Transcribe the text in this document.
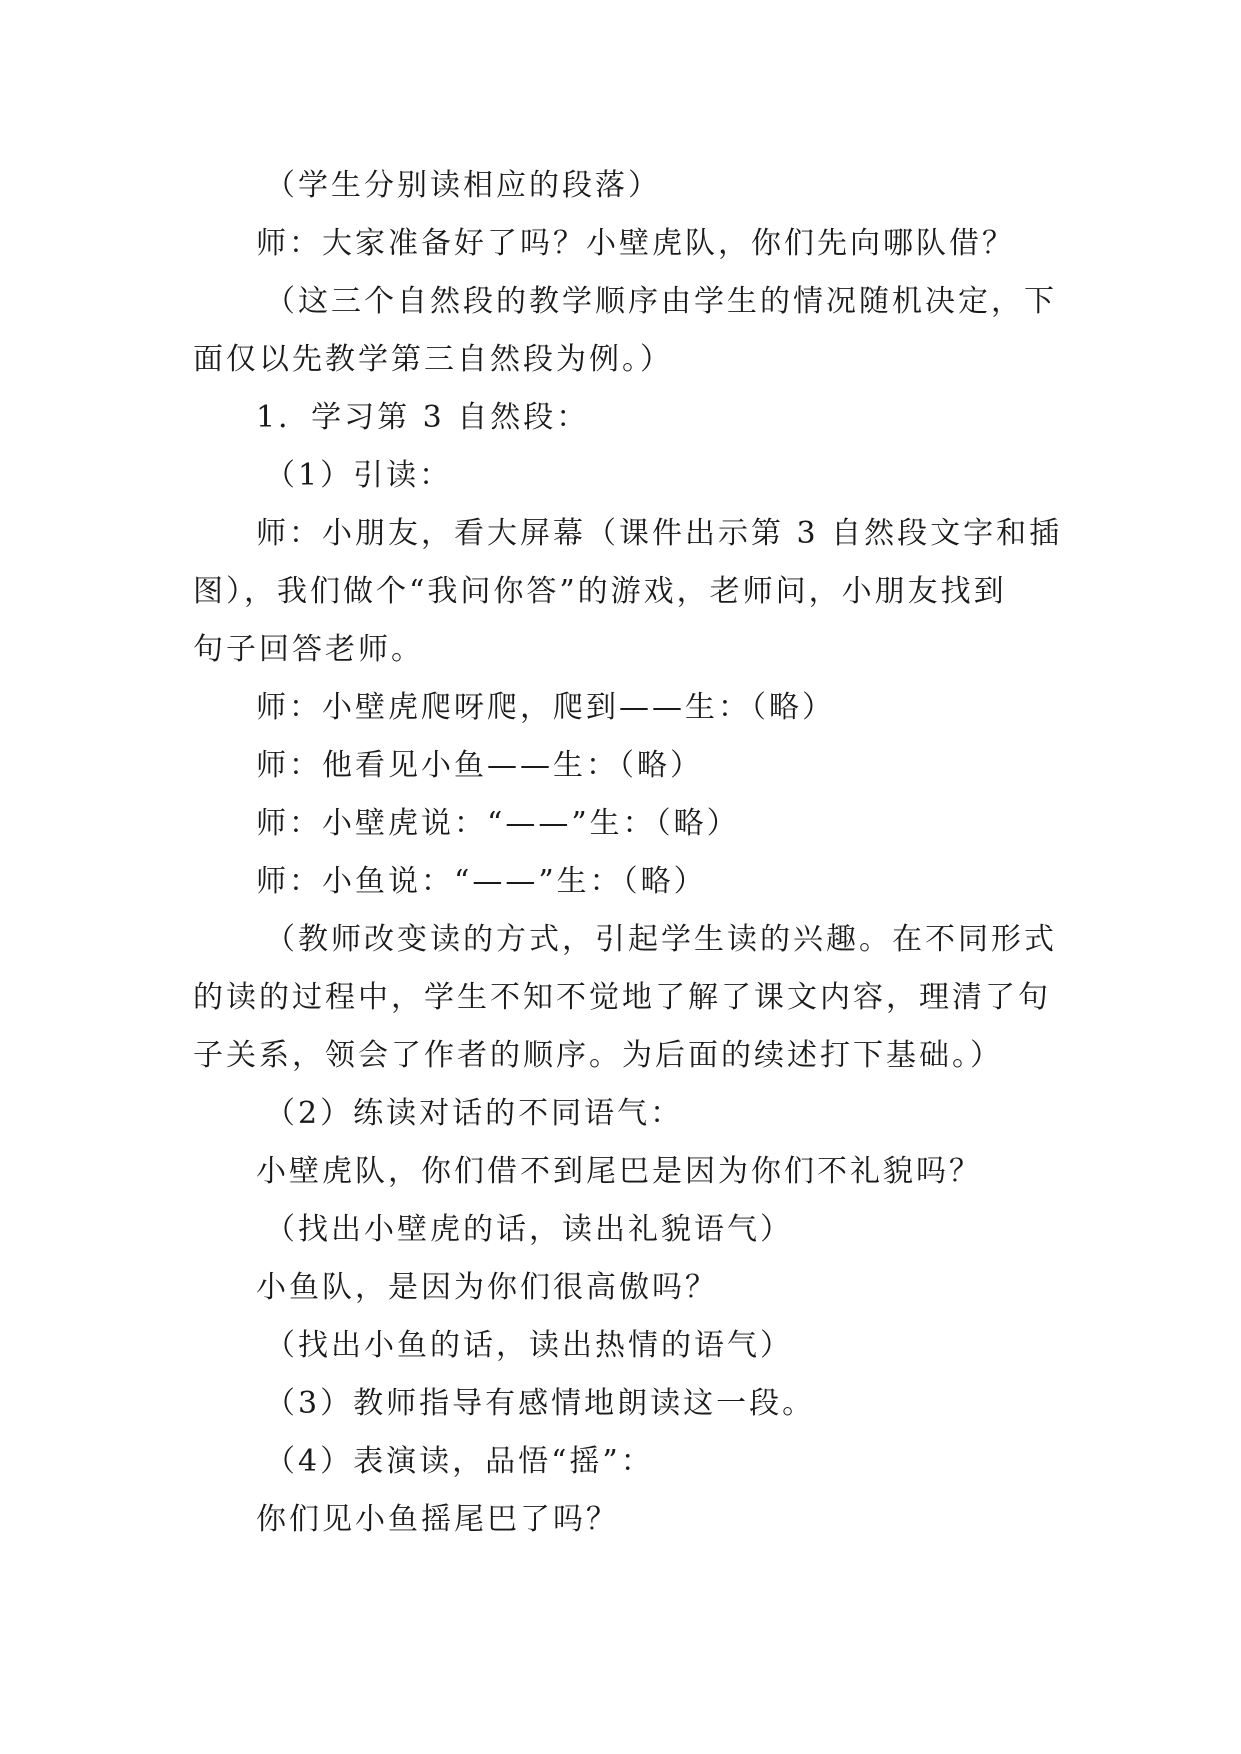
（学生分别读相应的段落）
师：大家准备好了吗？小壁虎队，你们先向哪队借？
（这三个自然段的教学顺序由学生的情况随机决定，下
面仅以先教学第三自然段为例。）
1．学习第 3 自然段：
（1）引读：
师：小朋友，看大屏幕（课件出示第 3 自然段文字和插
图），我们做个“我问你答”的游戏，老师问，小朋友找到
句子回答老师。
师：小壁虎爬呀爬，爬到——生：（略）
师：他看见小鱼——生：（略）
师：小壁虎说：“——”生：（略）
师：小鱼说：“——”生：（略）
（教师改变读的方式，引起学生读的兴趣。在不同形式
的读的过程中，学生不知不觉地了解了课文内容，理清了句
子关系，领会了作者的顺序。为后面的续述打下基础。）
（2）练读对话的不同语气：
小壁虎队，你们借不到尾巴是因为你们不礼貌吗？
（找出小壁虎的话，读出礼貌语气）
小鱼队，是因为你们很高傲吗？
（找出小鱼的话，读出热情的语气）
（3）教师指导有感情地朗读这一段。
（4）表演读，品悟“摇”：
你们见小鱼摇尾巴了吗？
